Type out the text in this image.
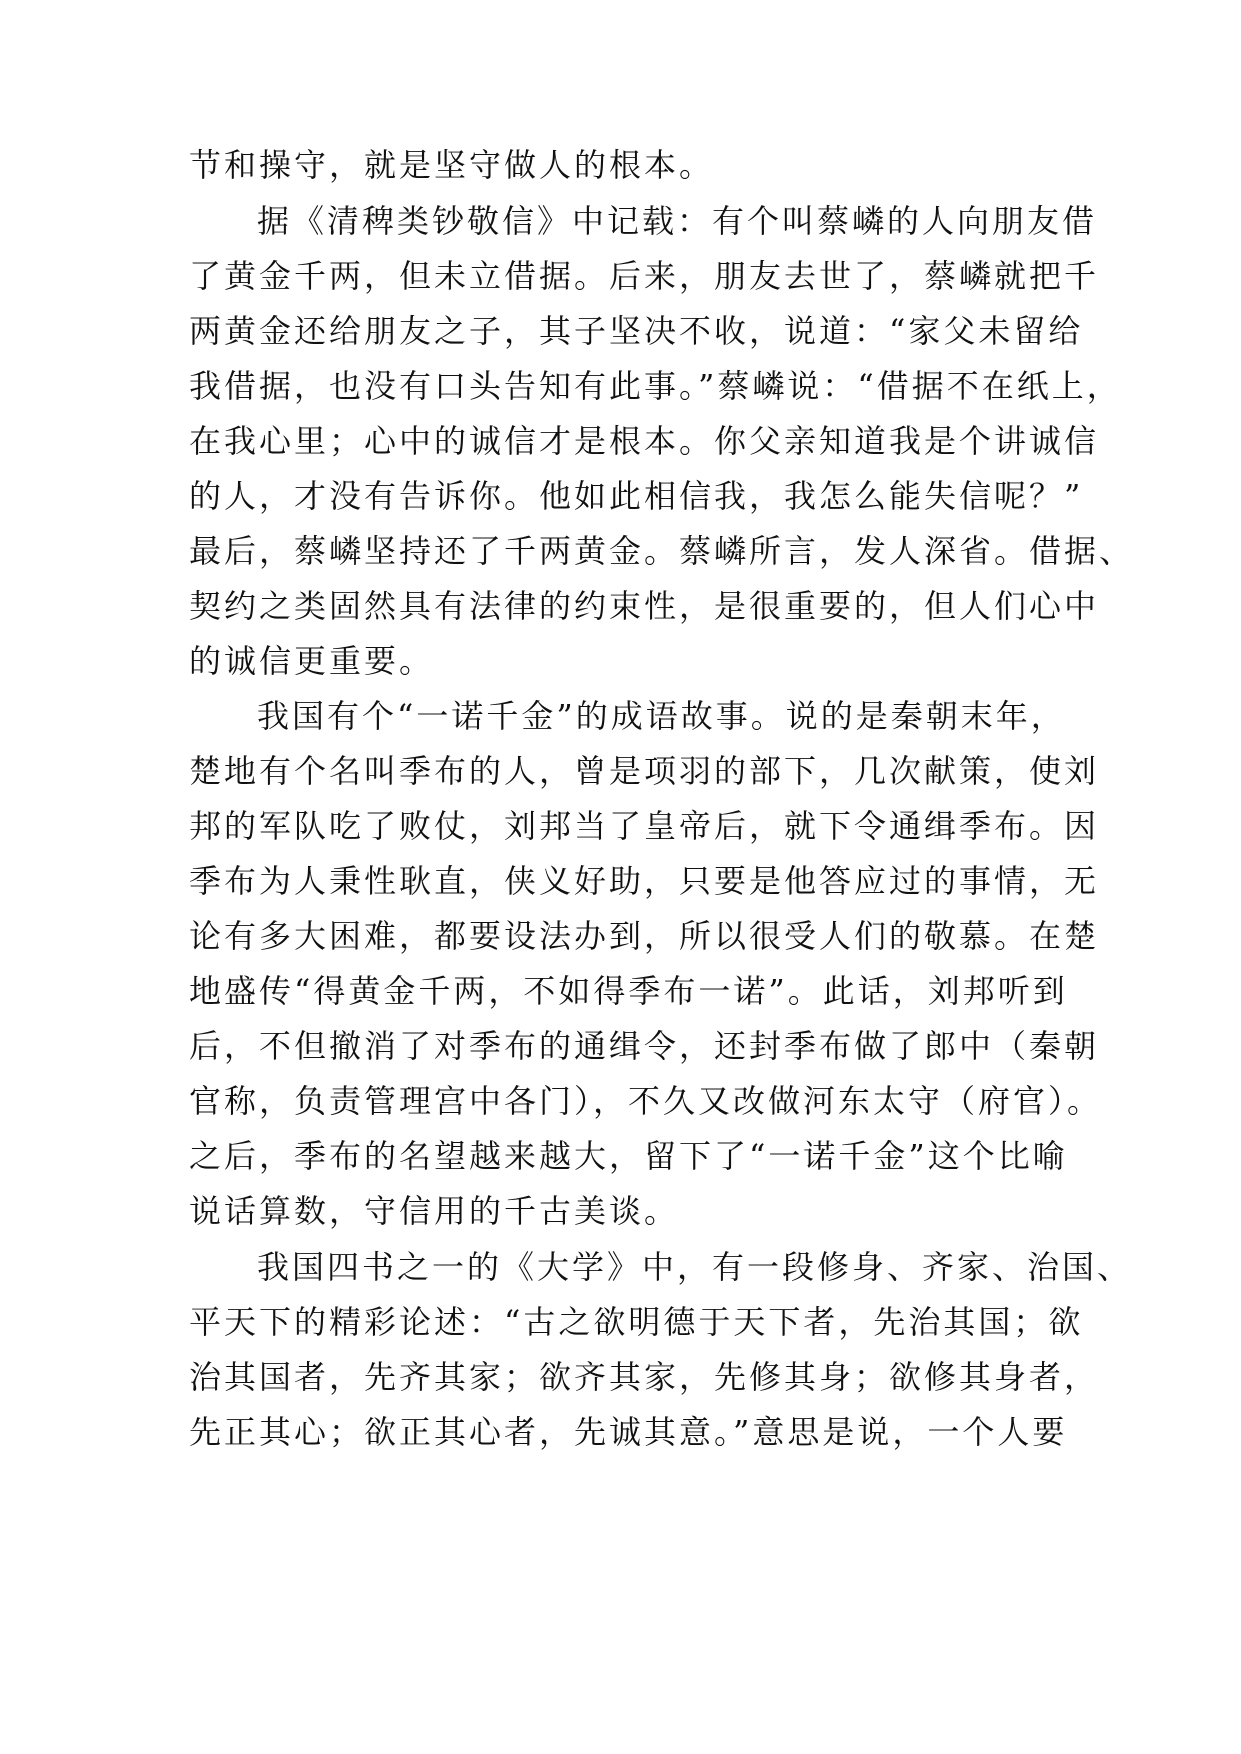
节和操守，就是坚守做人的根本。
据《清稗类钞敬信》中记载：有个叫蔡嶙的人向朋友借
了黄金千两，但未立借据。后来，朋友去世了，蔡嶙就把千
两黄金还给朋友之子，其子坚决不收，说道：“家父未留给
我借据，也没有口头告知有此事。”蔡嶙说：“借据不在纸上，
在我心里；心中的诚信才是根本。你父亲知道我是个讲诚信
的人，才没有告诉你。他如此相信我，我怎么能失信呢？”
最后，蔡嶙坚持还了千两黄金。蔡嶙所言，发人深省。借据、
契约之类固然具有法律的约束性，是很重要的，但人们心中
的诚信更重要。
我国有个“一诺千金”的成语故事。说的是秦朝末年，
楚地有个名叫季布的人，曾是项羽的部下，几次献策，使刘
邦的军队吃了败仗，刘邦当了皇帝后，就下令通缉季布。因
季布为人秉性耿直，侠义好助，只要是他答应过的事情，无
论有多大困难，都要设法办到，所以很受人们的敬慕。在楚
地盛传“得黄金千两，不如得季布一诺”。此话，刘邦听到
后，不但撤消了对季布的通缉令，还封季布做了郎中（秦朝
官称，负责管理宫中各门），不久又改做河东太守（府官）。
之后，季布的名望越来越大，留下了“一诺千金”这个比喻
说话算数，守信用的千古美谈。
我国四书之一的《大学》中，有一段修身、齐家、治国、
平天下的精彩论述：“古之欲明德于天下者，先治其国；欲
治其国者，先齐其家；欲齐其家，先修其身；欲修其身者，
先正其心；欲正其心者，先诚其意。”意思是说，一个人要
